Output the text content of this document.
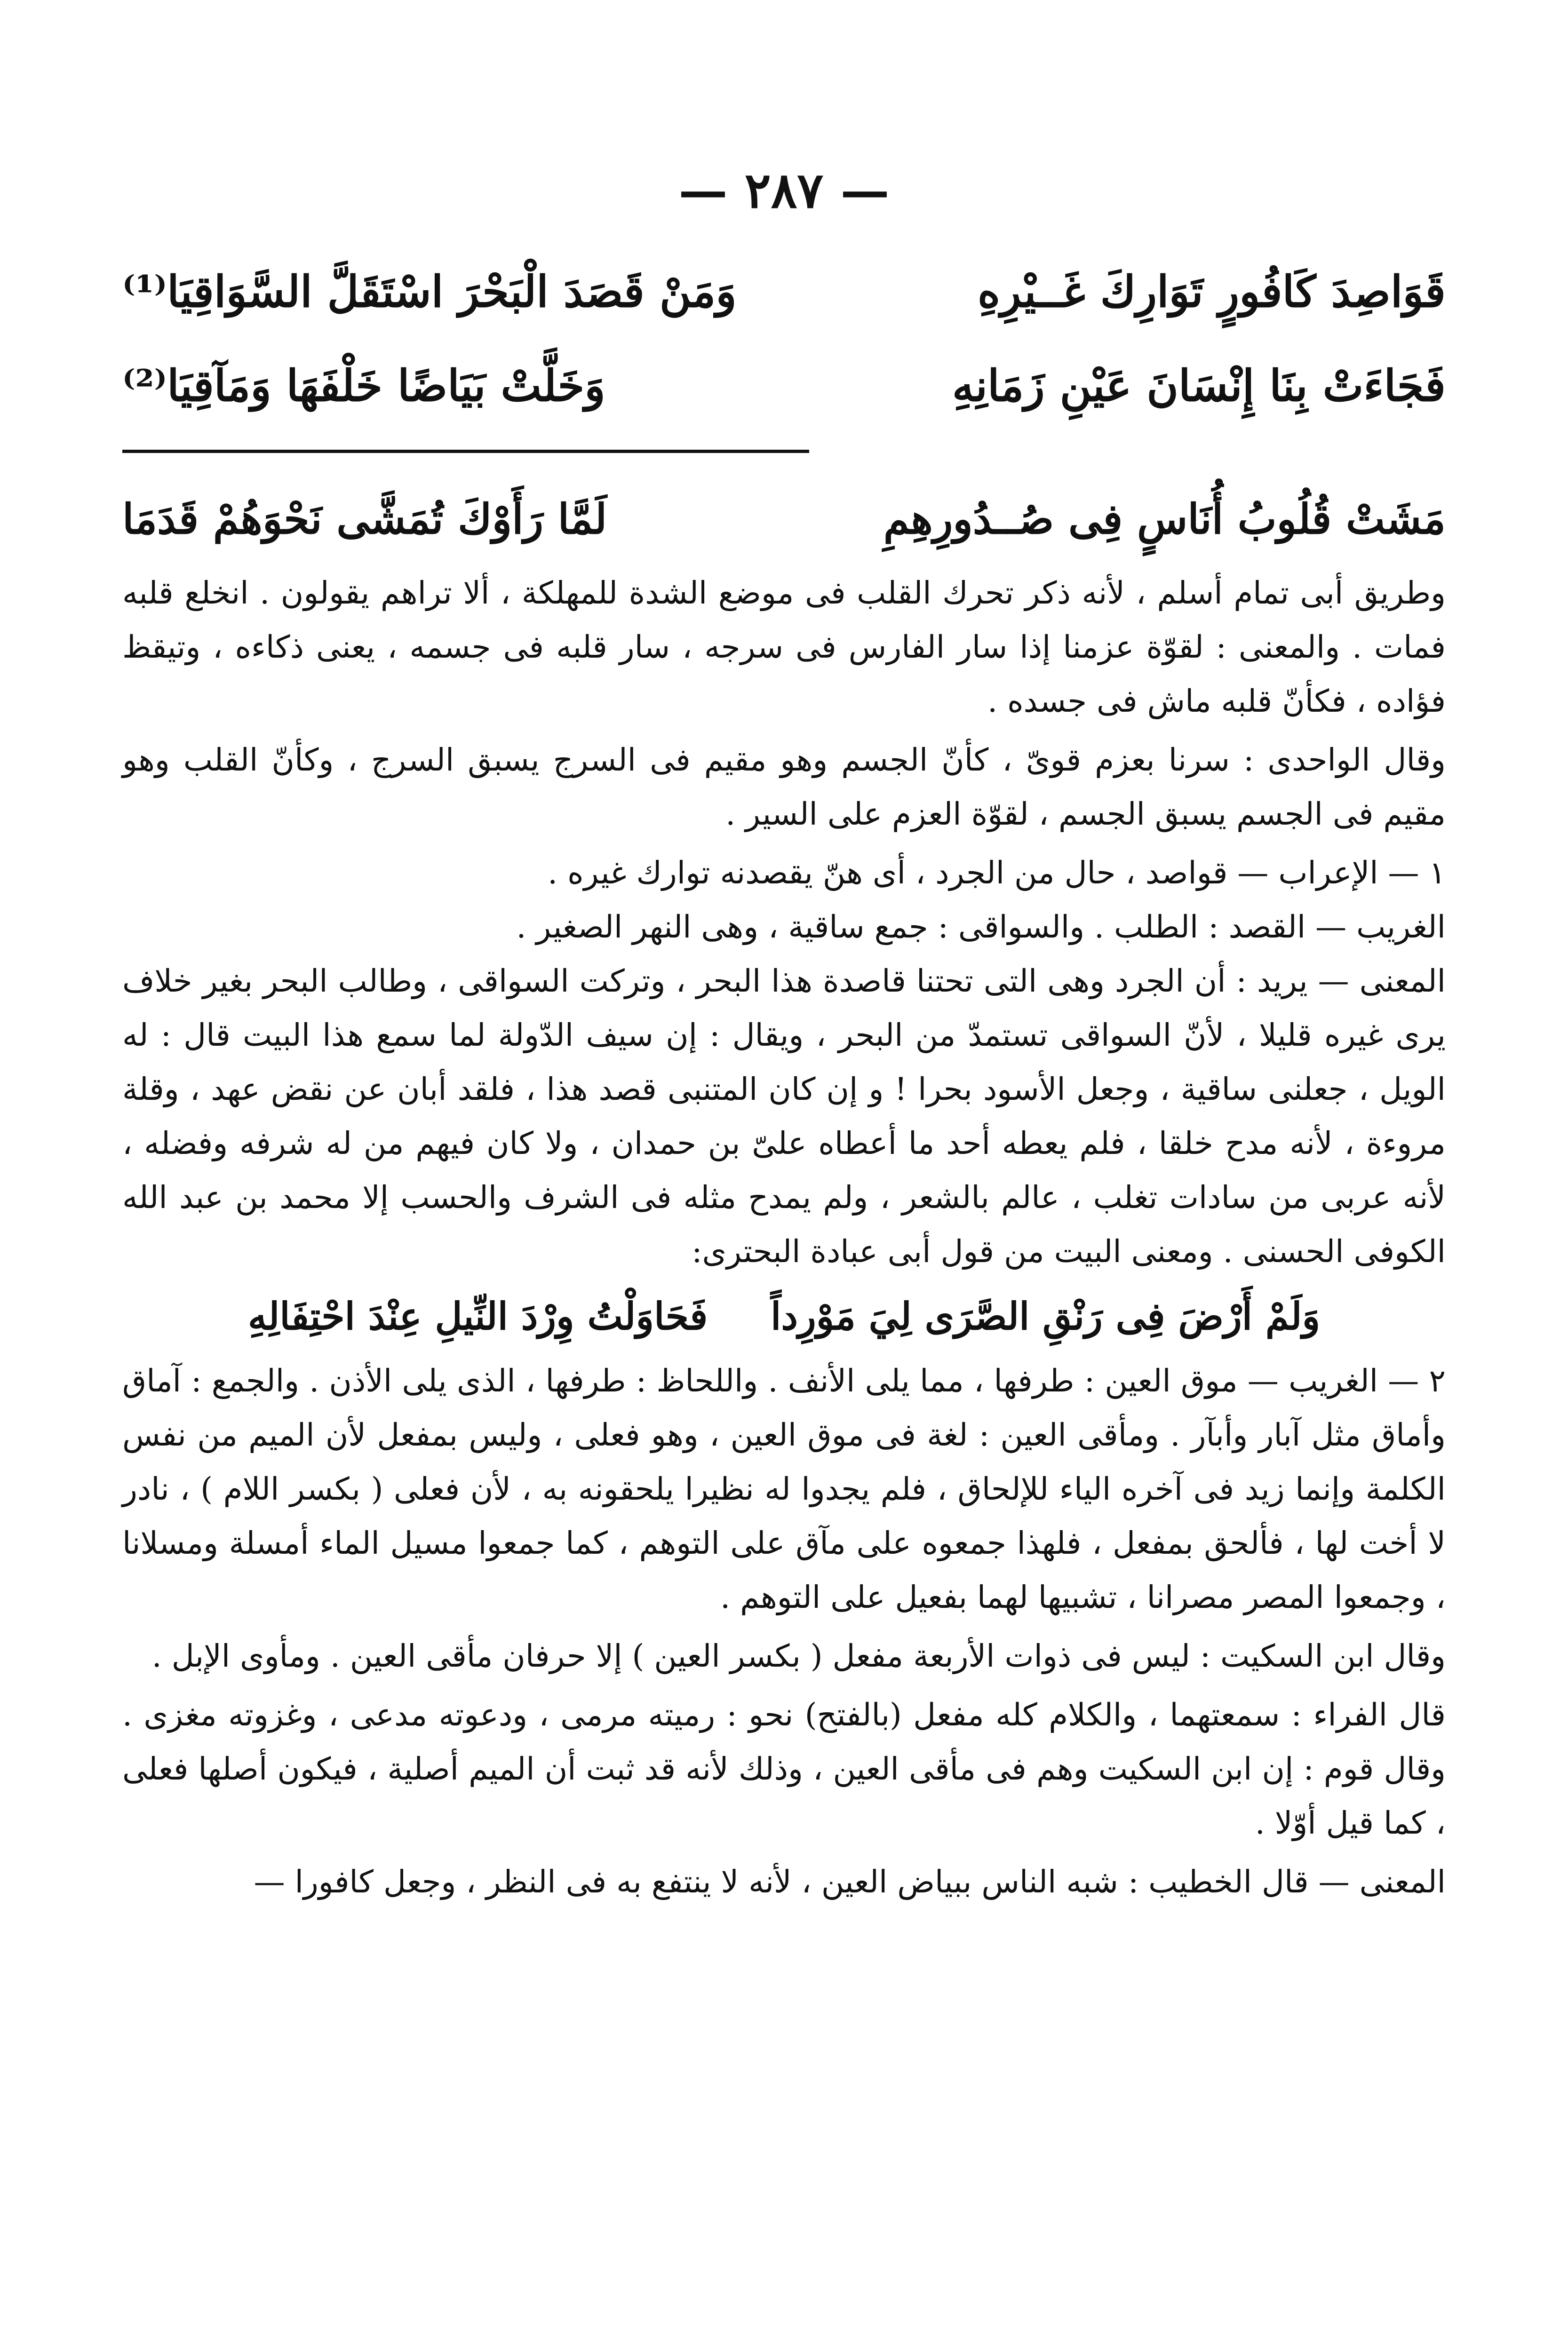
— ٢٨٧ —
قَوَاصِدَ كَافُورٍ تَوَارِكَ غَــيْرِهِ
وَمَنْ قَصَدَ الْبَحْرَ اسْتَقَلَّ السَّوَاقِيَا⁽¹⁾
فَجَاءَتْ بِنَا إِنْسَانَ عَيْنِ زَمَانِهِ
وَخَلَّتْ بَيَاضًا خَلْفَهَا وَمَآقِيَا⁽²⁾
مَشَتْ قُلُوبُ أُنَاسٍ فِى صُــدُورِهِمِ
لَمَّا رَأَوْكَ تُمَشَّى نَحْوَهُمْ قَدَمَا

وطريق أبى تمام أسلم ، لأنه ذكر تحرك القلب فى موضع الشدة للمهلكة ، ألا تراهم يقولون . انخلع قلبه فمات . والمعنى : لقوّة عزمنا إذا سار الفارس فى سرجه ، سار قلبه فى جسمه ، يعنى ذكاءه ، وتيقظ فؤاده ، فكأنّ قلبه ماش فى جسده .

وقال الواحدى : سرنا بعزم قوىّ ، كأنّ الجسم وهو مقيم فى السرج يسبق السرج ، وكأنّ القلب وهو مقيم فى الجسم يسبق الجسم ، لقوّة العزم على السير .

١ — الإعراب — قواصد ، حال من الجرد ، أى هنّ يقصدنه توارك غيره .

الغريب — القصد : الطلب . والسواقى : جمع ساقية ، وهى النهر الصغير .

المعنى — يريد : أن الجرد وهى التى تحتنا قاصدة هذا البحر ، وتركت السواقى ، وطالب البحر بغير خلاف يرى غيره قليلا ، لأنّ السواقى تستمدّ من البحر ، ويقال : إن سيف الدّولة لما سمع هذا البيت قال : له الويل ، جعلنى ساقية ، وجعل الأسود بحرا ! و إن كان المتنبى قصد هذا ، فلقد أبان عن نقض عهد ، وقلة مروءة ، لأنه مدح خلقا ، فلم يعطه أحد ما أعطاه علىّ بن حمدان ، ولا كان فيهم من له شرفه وفضله ، لأنه عربى من سادات تغلب ، عالم بالشعر ، ولم يمدح مثله فى الشرف والحسب إلا محمد بن عبد الله الكوفى الحسنى . ومعنى البيت من قول أبى عبادة البحترى:

وَلَمْ أَرْضَ فِى رَنْقِ الصَّرَى لِيَ مَوْرِداً
فَحَاوَلْتُ وِرْدَ النِّيلِ عِنْدَ احْتِفَالِهِ

٢ — الغريب — موق العين : طرفها ، مما يلى الأنف . واللحاظ : طرفها ، الذى يلى الأذن . والجمع : آماق وأماق مثل آبار وأبآر . ومأقى العين : لغة فى موق العين ، وهو فعلى ، وليس بمفعل لأن الميم من نفس الكلمة وإنما زيد فى آخره الياء للإلحاق ، فلم يجدوا له نظيرا يلحقونه به ، لأن فعلى ( بكسر اللام ) ، نادر لا أخت لها ، فألحق بمفعل ، فلهذا جمعوه على مآق على التوهم ، كما جمعوا مسيل الماء أمسلة ومسلانا ، وجمعوا المصر مصرانا ، تشبيها لهما بفعيل على التوهم .

وقال ابن السكيت : ليس فى ذوات الأربعة مفعل ( بكسر العين ) إلا حرفان مأقى العين . ومأوى الإبل .

قال الفراء : سمعتهما ، والكلام كله مفعل (بالفتح) نحو : رميته مرمى ، ودعوته مدعى ، وغزوته مغزى . وقال قوم : إن ابن السكيت وهم فى مأقى العين ، وذلك لأنه قد ثبت أن الميم أصلية ، فيكون أصلها فعلى ، كما قيل أوّلا .

المعنى — قال الخطيب : شبه الناس ببياض العين ، لأنه لا ينتفع به فى النظر ، وجعل كافورا —
